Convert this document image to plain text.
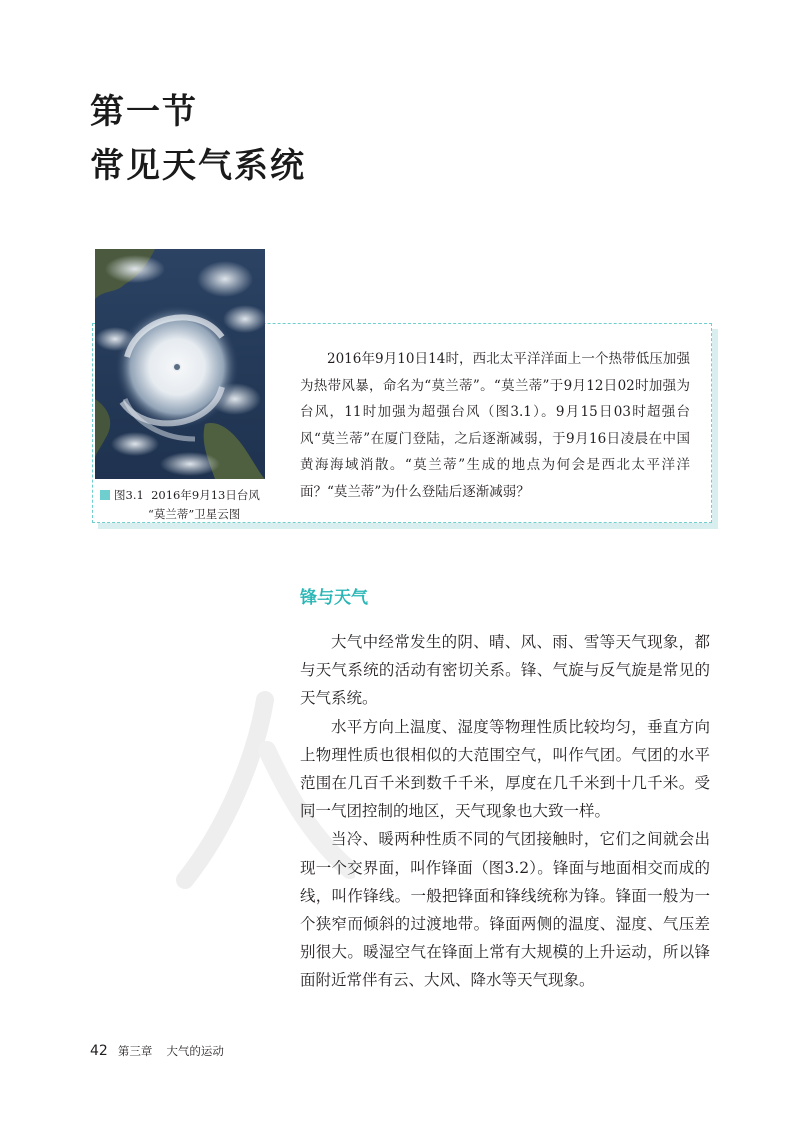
第一节
常见天气系统
图3.1 2016年9月13日台风
“莫兰蒂”卫星云图

2016年9月10日14时，西北太平洋洋面上一个热带低压加强为热带风暴，命名为“莫兰蒂”。“莫兰蒂”于9月12日02时加强为台风，11时加强为超强台风（图3.1）。9月15日03时超强台风“莫兰蒂”在厦门登陆，之后逐渐减弱，于9月16日凌晨在中国黄海海域消散。“莫兰蒂”生成的地点为何会是西北太平洋洋面？“莫兰蒂”为什么登陆后逐渐减弱？

锋与天气

大气中经常发生的阴、晴、风、雨、雪等天气现象，都与天气系统的活动有密切关系。锋、气旋与反气旋是常见的天气系统。

水平方向上温度、湿度等物理性质比较均匀，垂直方向上物理性质也很相似的大范围空气，叫作气团。气团的水平范围在几百千米到数千千米，厚度在几千米到十几千米。受同一气团控制的地区，天气现象也大致一样。

当冷、暖两种性质不同的气团接触时，它们之间就会出现一个交界面，叫作锋面（图3.2）。锋面与地面相交而成的线，叫作锋线。一般把锋面和锋线统称为锋。锋面一般为一个狭窄而倾斜的过渡地带。锋面两侧的温度、湿度、气压差别很大。暖湿空气在锋面上常有大规模的上升运动，所以锋面附近常伴有云、大风、降水等天气现象。

42 第三章 大气的运动
